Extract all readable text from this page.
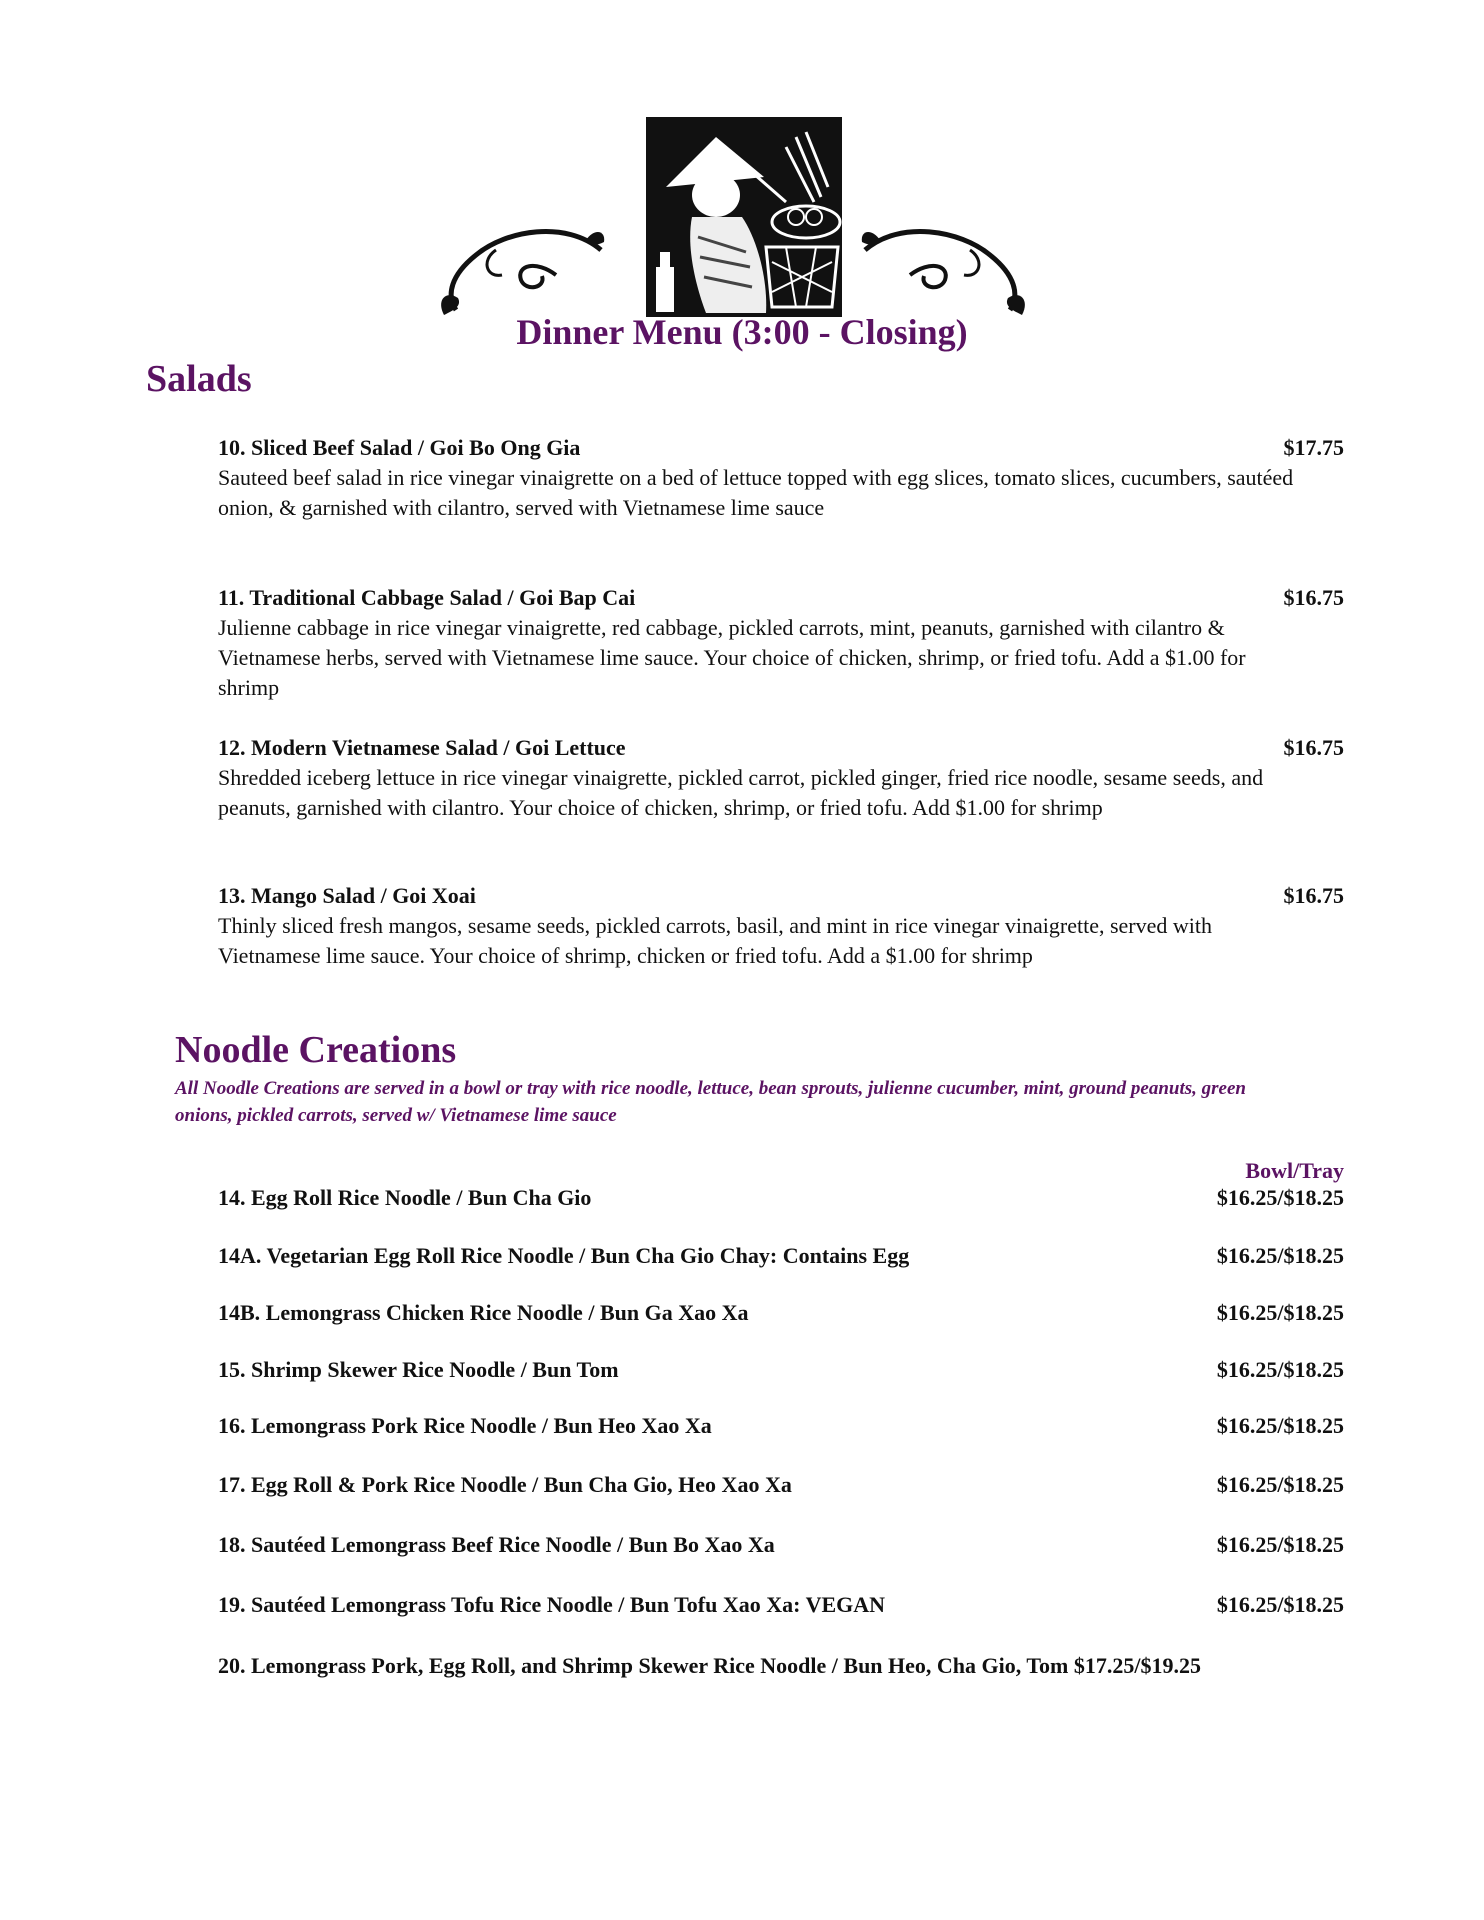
Dinner Menu (3:00 - Closing)
Salads
10. Sliced Beef Salad / Goi Bo Ong Gia	$17.75
Sauteed beef salad in rice vinegar vinaigrette on a bed of lettuce topped with egg slices, tomato slices, cucumbers, sautéed onion, & garnished with cilantro, served with Vietnamese lime sauce
11. Traditional Cabbage Salad / Goi Bap Cai	$16.75
Julienne cabbage in rice vinegar vinaigrette, red cabbage, pickled carrots, mint, peanuts, garnished with cilantro & Vietnamese herbs, served with Vietnamese lime sauce. Your choice of chicken, shrimp, or fried tofu. Add a $1.00 for shrimp
12. Modern Vietnamese Salad / Goi Lettuce	$16.75
Shredded iceberg lettuce in rice vinegar vinaigrette, pickled carrot, pickled ginger, fried rice noodle, sesame seeds, and peanuts, garnished with cilantro. Your choice of chicken, shrimp, or fried tofu. Add $1.00 for shrimp
13. Mango Salad / Goi Xoai	$16.75
Thinly sliced fresh mangos, sesame seeds, pickled carrots, basil, and mint in rice vinegar vinaigrette, served with Vietnamese lime sauce. Your choice of shrimp, chicken or fried tofu. Add a $1.00 for shrimp
Noodle Creations
All Noodle Creations are served in a bowl or tray with rice noodle, lettuce, bean sprouts, julienne cucumber, mint, ground peanuts, green onions, pickled carrots, served w/ Vietnamese lime sauce
Bowl/Tray
14. Egg Roll Rice Noodle / Bun Cha Gio	$16.25/$18.25
14A. Vegetarian Egg Roll Rice Noodle / Bun Cha Gio Chay: Contains Egg	$16.25/$18.25
14B. Lemongrass Chicken Rice Noodle / Bun Ga Xao Xa	$16.25/$18.25
15. Shrimp Skewer Rice Noodle / Bun Tom	$16.25/$18.25
16. Lemongrass Pork Rice Noodle / Bun Heo Xao Xa	$16.25/$18.25
17. Egg Roll & Pork Rice Noodle / Bun Cha Gio, Heo Xao Xa	$16.25/$18.25
18. Sautéed Lemongrass Beef Rice Noodle / Bun Bo Xao Xa	$16.25/$18.25
19. Sautéed Lemongrass Tofu Rice Noodle / Bun Tofu Xao Xa: VEGAN	$16.25/$18.25
20. Lemongrass Pork, Egg Roll, and Shrimp Skewer Rice Noodle / Bun Heo, Cha Gio, Tom $17.25/$19.25
